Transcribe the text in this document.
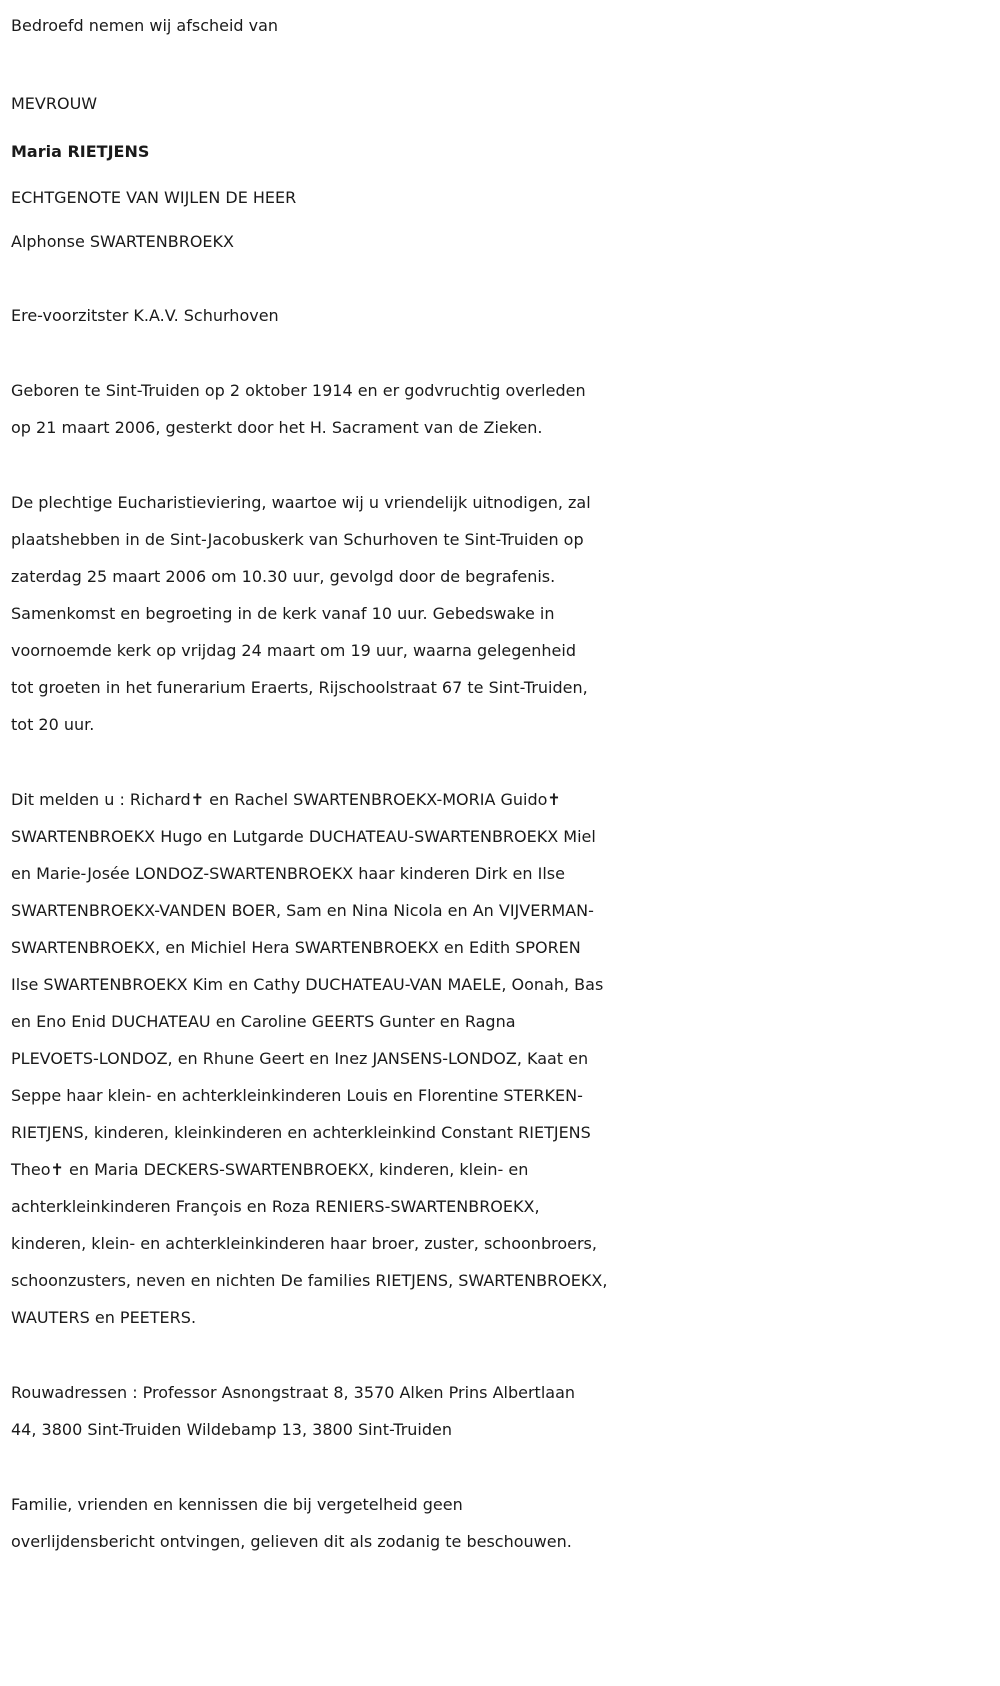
Bedroefd nemen wij afscheid van
MEVROUW
Maria RIETJENS
ECHTGENOTE VAN WIJLEN DE HEER
Alphonse SWARTENBROEKX
Ere-voorzitster K.A.V. Schurhoven
Geboren te Sint-Truiden op 2 oktober 1914 en er godvruchtig overleden
op 21 maart 2006, gesterkt door het H. Sacrament van de Zieken.
De plechtige Eucharistieviering, waartoe wij u vriendelijk uitnodigen, zal
plaatshebben in de Sint-Jacobuskerk van Schurhoven te Sint-Truiden op
zaterdag 25 maart 2006 om 10.30 uur, gevolgd door de begrafenis.
Samenkomst en begroeting in de kerk vanaf 10 uur. Gebedswake in
voornoemde kerk op vrijdag 24 maart om 19 uur, waarna gelegenheid
tot groeten in het funerarium Eraerts, Rijschoolstraat 67 te Sint-Truiden,
tot 20 uur.
Dit melden u : Richard✝ en Rachel SWARTENBROEKX-MORIA Guido✝
SWARTENBROEKX Hugo en Lutgarde DUCHATEAU-SWARTENBROEKX Miel
en Marie-Josée LONDOZ-SWARTENBROEKX haar kinderen Dirk en Ilse
SWARTENBROEKX-VANDEN BOER, Sam en Nina Nicola en An VIJVERMAN-
SWARTENBROEKX, en Michiel Hera SWARTENBROEKX en Edith SPOREN
Ilse SWARTENBROEKX Kim en Cathy DUCHATEAU-VAN MAELE, Oonah, Bas
en Eno Enid DUCHATEAU en Caroline GEERTS Gunter en Ragna
PLEVOETS-LONDOZ, en Rhune Geert en Inez JANSENS-LONDOZ, Kaat en
Seppe haar klein- en achterkleinkinderen Louis en Florentine STERKEN-
RIETJENS, kinderen, kleinkinderen en achterkleinkind Constant RIETJENS
Theo✝ en Maria DECKERS-SWARTENBROEKX, kinderen, klein- en
achterkleinkinderen François en Roza RENIERS-SWARTENBROEKX,
kinderen, klein- en achterkleinkinderen haar broer, zuster, schoonbroers,
schoonzusters, neven en nichten De families RIETJENS, SWARTENBROEKX,
WAUTERS en PEETERS.
Rouwadressen : Professor Asnongstraat 8, 3570 Alken Prins Albertlaan
44, 3800 Sint-Truiden Wildebamp 13, 3800 Sint-Truiden
Familie, vrienden en kennissen die bij vergetelheid geen
overlijdensbericht ontvingen, gelieven dit als zodanig te beschouwen.
